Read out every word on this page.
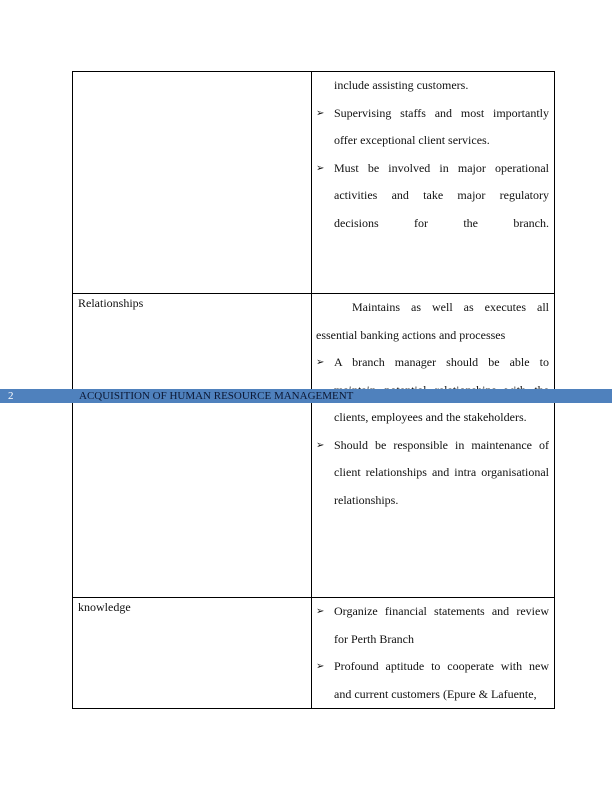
	include assisting customers.
➢ Supervising staffs and most importantly offer exceptional client services.
➢ Must be involved in major operational activities and take major regulatory decisions for the branch.

Relationships	Maintains as well as executes all essential banking actions and processes
➢ A branch manager should be able to clients, employees and the stakeholders.
➢ Should be responsible in maintenance of client relationships and intra organisational relationships.

knowledge	➢ Organize financial statements and review for Perth Branch
➢ Profound aptitude to cooperate with new and current customers (Epure & Lafuente,
2	ACQUISITION OF HUMAN RESOURCE MANAGEMENT
